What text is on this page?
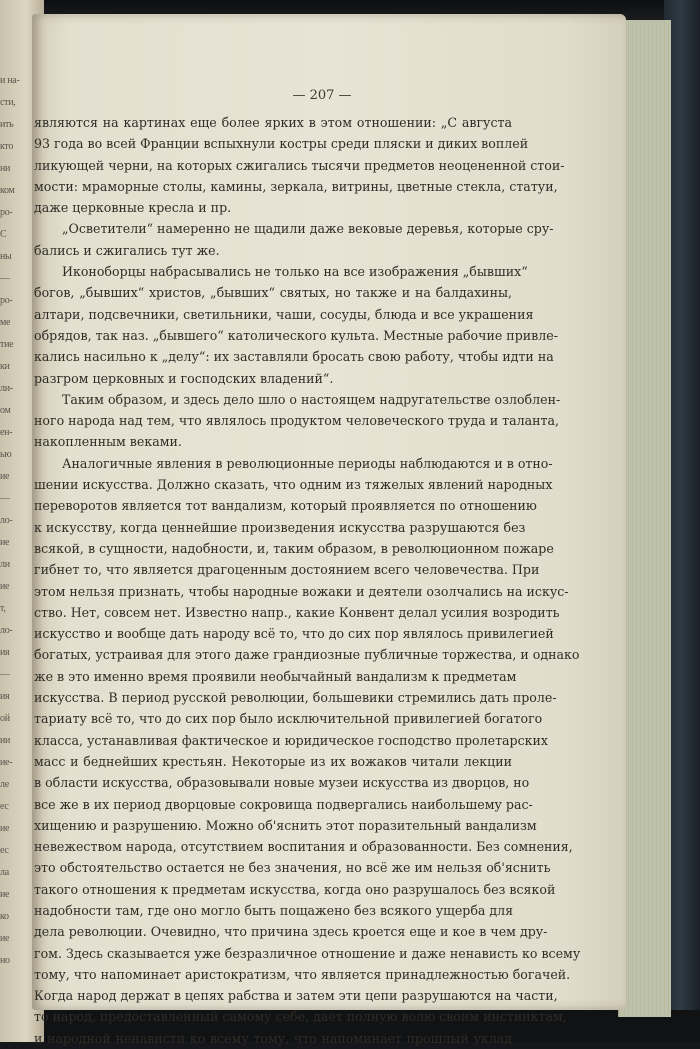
и на-
сти,
ить
кто
ни
ком
ро-
С
ны
—
ро-
ме
тие
ки
ли-
ом
ен-
ью
ие
—
ло-
ие
ли
ие
т,
ло-
ия
—
ия
ой
ии
ие-
ле
ес
ие
ес
ла
ие
ко
ие
но
— 207 —
являются на картинах еще более ярких в этом отношении: „С августа
93 года во всей Франции вспыхнули костры среди пляски и диких воплей
ликующей черни, на которых сжигались тысячи предметов неоцененной стои-
мости: мраморные столы, камины, зеркала, витрины, цветные стекла, статуи,
даже церковные кресла и пр.
„Осветители“ намеренно не щадили даже вековые деревья, которые сру-
бались и сжигались тут же.
Иконоборцы набрасывались не только на все изображения „бывших“
богов, „бывших“ христов, „бывших“ святых, но также и на балдахины,
алтари, подсвечники, светильники, чаши, сосуды, блюда и все украшения
обрядов, так наз. „бывшего“ католического культа. Местные рабочие привле-
кались насильно к „делу“: их заставляли бросать свою работу, чтобы идти на
разгром церковных и господских владений“.
Таким образом, и здесь дело шло о настоящем надругательстве озлоблен-
ного народа над тем, что являлось продуктом человеческого труда и таланта,
накопленным веками.
Аналогичные явления в революционные периоды наблюдаются и в отно-
шении искусства. Должно сказать, что одним из тяжелых явлений народных
переворотов является тот вандализм, который проявляется по отношению
к искусству, когда ценнейшие произведения искусства разрушаются без
всякой, в сущности, надобности, и, таким образом, в революционном пожаре
гибнет то, что является драгоценным достоянием всего человечества. При
этом нельзя признать, чтобы народные вожаки и деятели озолчались на искус-
ство. Нет, совсем нет. Известно напр., какие Конвент делал усилия возродить
искусство и вообще дать народу всё то, что до сих пор являлось привилегией
богатых, устраивая для этого даже грандиозные публичные торжества, и однако
же в это именно время проявили необычайный вандализм к предметам
искусства. В период русской революции, большевики стремились дать проле-
тариату всё то, что до сих пор было исключительной привилегией богатого
класса, устанавливая фактическое и юридическое господство пролетарских
масс и беднейших крестьян. Некоторые из их вожаков читали лекции
в области искусства, образовывали новые музеи искусства из дворцов, но
все же в их период дворцовые сокровища подвергались наибольшему рас-
хищению и разрушению. Можно об'яснить этот поразительный вандализм
невежеством народа, отсутствием воспитания и образованности. Без сомнения,
это обстоятельство остается не без значения, но всё же им нельзя об'яснить
такого отношения к предметам искусства, когда оно разрушалось без всякой
надобности там, где оно могло быть пощажено без всякого ущерба для
дела революции. Очевидно, что причина здесь кроется еще и кое в чем дру-
гом. Здесь сказывается уже безразличное отношение и даже ненависть ко всему
тому, что напоминает аристократизм, что является принадлежностью богачей.
Когда народ держат в цепях рабства и затем эти цепи разрушаются на части,
то народ, предоставленный самому себе, дает полную волю своим инстинктам,
и народной ненависти ко всему тому, что напоминает прошлый уклад
